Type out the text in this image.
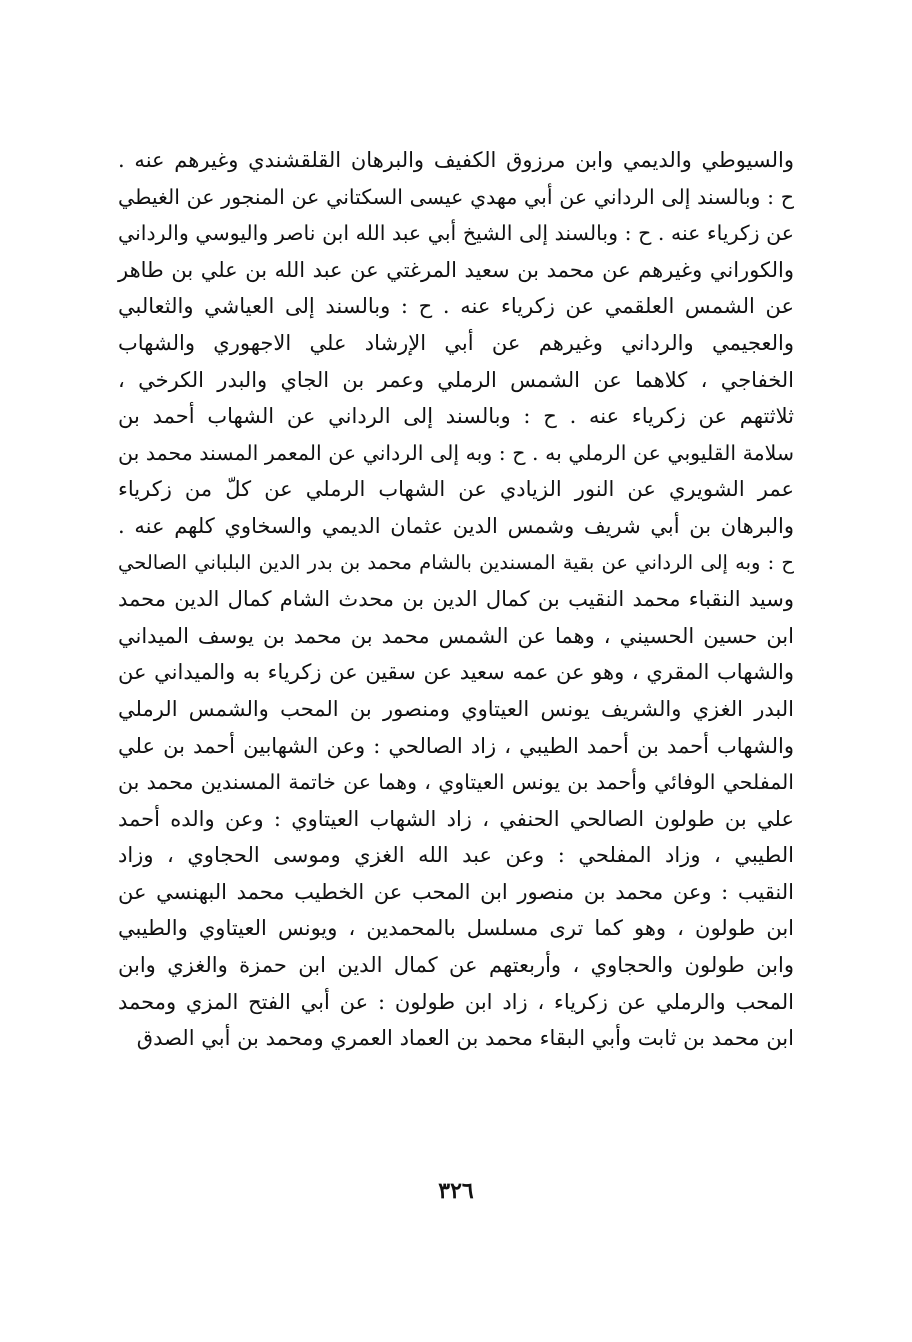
والسيوطي والديمي وابن مرزوق الكفيف والبرهان القلقشندي وغيرهم عنه .
ح : وبالسند إلى الرداني عن أبي مهدي عيسى السكتاني عن المنجور عن الغيطي
عن زكرياء عنه . ح : وبالسند إلى الشيخ أبي عبد الله ابن ناصر واليوسي والرداني
والكوراني وغيرهم عن محمد بن سعيد المرغتي عن عبد الله بن علي بن طاهر
عن الشمس العلقمي عن زكرياء عنه . ح : وبالسند إلى العياشي والثعالبي
والعجيمي والرداني وغيرهم عن أبي الإرشاد علي الاجهوري والشهاب
الخفاجي ، كلاهما عن الشمس الرملي وعمر بن الجاي والبدر الكرخي ،
ثلاثتهم عن زكرياء عنه . ح : وبالسند إلى الرداني عن الشهاب أحمد بن
سلامة القليوبي عن الرملي به . ح : وبه إلى الرداني عن المعمر المسند محمد بن
عمر الشويري عن النور الزيادي عن الشهاب الرملي عن كلّ من زكرياء
والبرهان بن أبي شريف وشمس الدين عثمان الديمي والسخاوي كلهم عنه .
ح : وبه إلى الرداني عن بقية المسندين بالشام محمد بن بدر الدين البلباني الصالحي
وسيد النقباء محمد النقيب بن كمال الدين بن محدث الشام كمال الدين محمد
ابن حسين الحسيني ، وهما عن الشمس محمد بن محمد بن يوسف الميداني
والشهاب المقري ، وهو عن عمه سعيد عن سقين عن زكرياء به والميداني عن
البدر الغزي والشريف يونس العيتاوي ومنصور بن المحب والشمس الرملي
والشهاب أحمد بن أحمد الطيبي ، زاد الصالحي : وعن الشهابين أحمد بن علي
المفلحي الوفائي وأحمد بن يونس العيتاوي ، وهما عن خاتمة المسندين محمد بن
علي بن طولون الصالحي الحنفي ، زاد الشهاب العيتاوي : وعن والده أحمد
الطيبي ، وزاد المفلحي : وعن عبد الله الغزي وموسى الحجاوي ، وزاد
النقيب : وعن محمد بن منصور ابن المحب عن الخطيب محمد البهنسي عن
ابن طولون ، وهو كما ترى مسلسل بالمحمدين ، ويونس العيتاوي والطيبي
وابن طولون والحجاوي ، وأربعتهم عن كمال الدين ابن حمزة والغزي وابن
المحب والرملي عن زكرياء ، زاد ابن طولون : عن أبي الفتح المزي ومحمد
ابن محمد بن ثابت وأبي البقاء محمد بن العماد العمري ومحمد بن أبي الصدق
٣٢٦
